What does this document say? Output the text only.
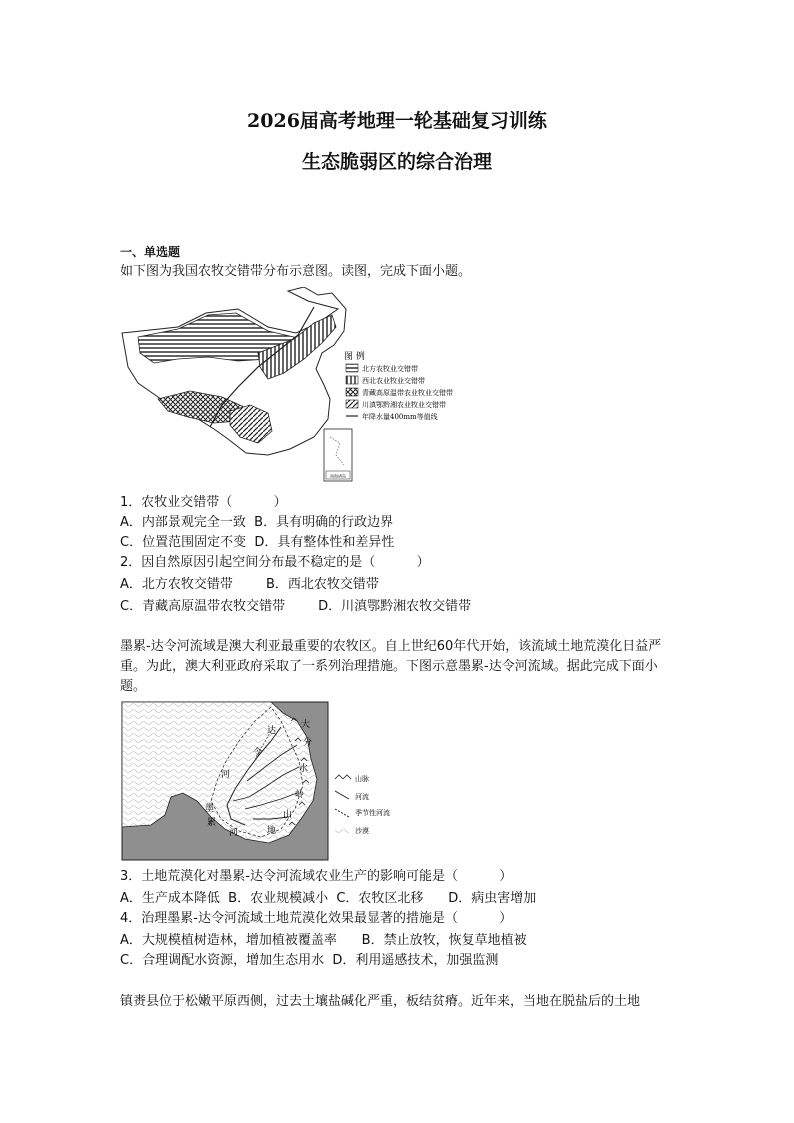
2026届高考地理一轮基础复习训练
生态脆弱区的综合治理
一、单选题
如下图为我国农牧交错带分布示意图。读图，完成下面小题。
南海诸岛
图 例
北方农牧业交错带
西北农业牧业交错带
青藏高原温带农业牧业交错带
川滇鄂黔湘农业牧业交错带
年降水量400mm等值线
1．农牧业交错带（          ）
A．内部景观完全一致  B．具有明确的行政边界
C．位置范围固定不变  D．具有整体性和差异性
2．因自然原因引起空间分布最不稳定的是（          ）
A．北方农牧交错带        B．西北农牧交错带
C．青藏高原温带农牧交错带        D．川滇鄂黔湘农牧交错带
墨累-达令河流域是澳大利亚最重要的农牧区。自上世纪60年代开始，该流域土地荒漠化日益严重。为此，澳大利亚政府采取了一系列治理措施。下图示意墨累-达令河流域。据此完成下面小题。
达
令
河
墨
累
河
大
分
水
岭
山
地
山脉
河流
季节性河流
沙漠
3．土地荒漠化对墨累-达令河流域农业生产的影响可能是（          ）
A．生产成本降低  B．农业规模减小  C．农牧区北移      D．病虫害增加
4．治理墨累-达令河流域土地荒漠化效果最显著的措施是（          ）
A．大规模植树造林，增加植被覆盖率      B．禁止放牧，恢复草地植被
C．合理调配水资源，增加生态用水  D．利用遥感技术，加强监测
镇赉县位于松嫩平原西侧，过去土壤盐碱化严重，板结贫瘠。近年来，当地在脱盐后的土地
